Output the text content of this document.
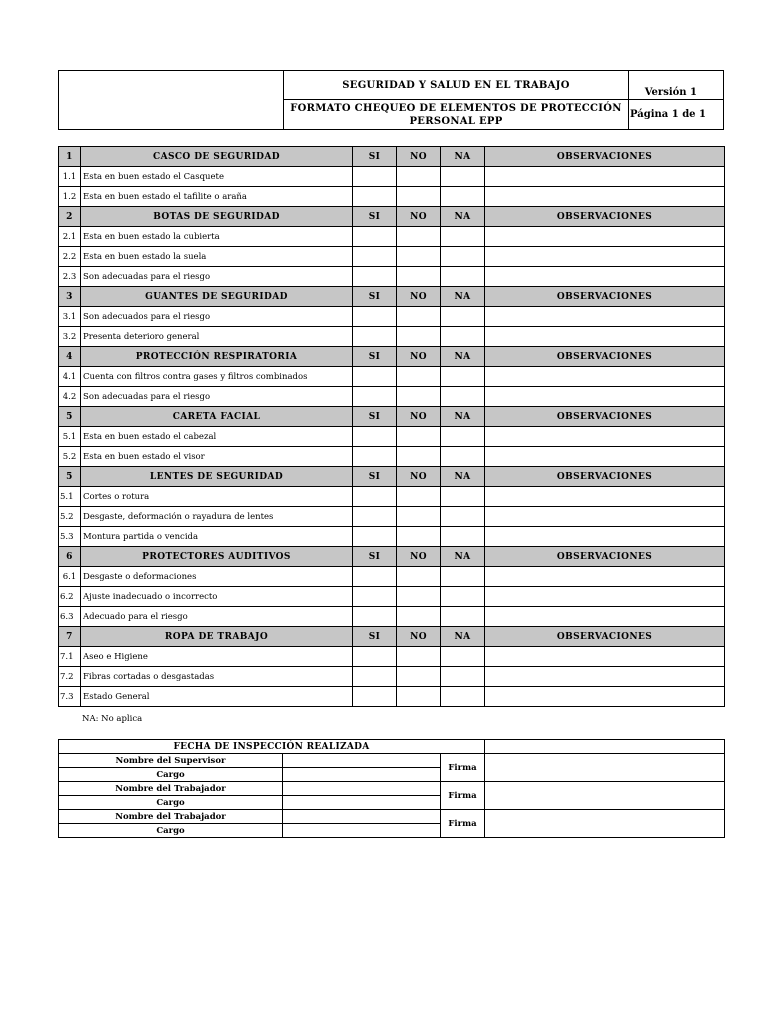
	SEGURIDAD Y SALUD EN EL TRABAJO	Versión 1
	FORMATO CHEQUEO DE ELEMENTOS DE PROTECCIÓN PERSONAL EPP	Página 1 de 1
1	CASCO DE SEGURIDAD	SI	NO	NA	OBSERVACIONES
1.1	Esta en buen estado el Casquete				
1.2	Esta en buen estado el tafilite o araña				
2	BOTAS DE SEGURIDAD	SI	NO	NA	OBSERVACIONES
2.1	Esta en buen estado la cubierta				
2.2	Esta en buen estado la suela				
2.3	Son adecuadas para el riesgo				
3	GUANTES DE SEGURIDAD	SI	NO	NA	OBSERVACIONES
3.1	Son adecuados para el riesgo				
3.2	Presenta deterioro general				
4	PROTECCIÓN RESPIRATORIA	SI	NO	NA	OBSERVACIONES
4.1	Cuenta con filtros contra gases y filtros combinados				
4.2	Son adecuadas para el riesgo				
5	CARETA FACIAL	SI	NO	NA	OBSERVACIONES
5.1	Esta en buen estado el cabezal				
5.2	Esta en buen estado el visor				
5	LENTES DE SEGURIDAD	SI	NO	NA	OBSERVACIONES
5.1	Cortes o rotura				
5.2	Desgaste, deformación o rayadura de lentes				
5.3	Montura partida o vencida				
6	PROTECTORES AUDITIVOS	SI	NO	NA	OBSERVACIONES
6.1	Desgaste o deformaciones				
6.2	Ajuste inadecuado o incorrecto				
6.3	Adecuado para el riesgo				
7	ROPA DE TRABAJO	SI	NO	NA	OBSERVACIONES
7.1	Aseo e Higiene				
7.2	Fibras cortadas o desgastadas				
7.3	Estado General				
NA: No aplica
FECHA DE INSPECCIÓN REALIZADA			
Nombre del Supervisor		Firma	
Cargo			
Nombre del Trabajador		Firma	
Cargo			
Nombre del Trabajador		Firma	
Cargo			
